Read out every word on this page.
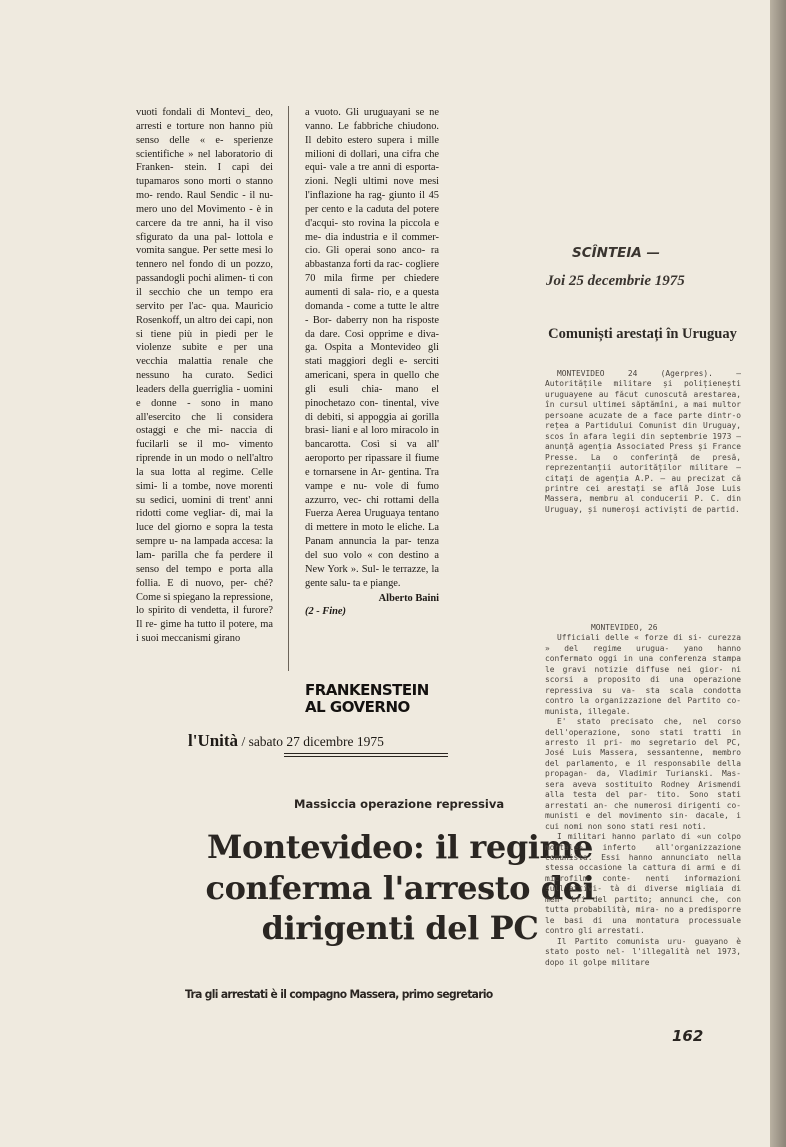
vuoti fondali di Montevi_ deo, arresti e torture non hanno più senso delle « e- sperienze scientifiche » nel laboratorio di Franken- stein. I capi dei tupamaros sono morti o stanno mo- rendo. Raul Sendic - il nu- mero uno del Movimento - è in carcere da tre anni, ha il viso sfigurato da una pal- lottola e vomita sangue. Per sette mesi lo tennero nel fondo di un pozzo, passandogli pochi alimen- ti con il secchio che un tempo era servito per l'ac- qua. Mauricio Rosenkoff, un altro dei capi, non si tiene più in piedi per le violenze subite e per una vecchia malattia renale che nessuno ha curato. Sedici leaders della guerriglia - uomini e donne - sono in mano all'esercito che li considera ostaggi e che mi- naccia di fucilarli se il mo- vimento riprende in un modo o nell'altro la sua lotta al regime. Celle simi- li a tombe, nove morenti su sedici, uomini di trent' anni ridotti come vegliar- di, mai la luce del giorno e sopra la testa sempre u- na lampada accesa: la lam- parilla che fa perdere il senso del tempo e porta alla follia. E di nuovo, per- ché? Come si spiegano la repressione, lo spirito di vendetta, il furore? Il re- gime ha tutto il potere, ma i suoi meccanismi girano

a vuoto. Gli uruguayani se ne vanno. Le fabbriche chiudono. Il debito estero supera i mille milioni di dollari, una cifra che equi- vale a tre anni di esporta- zioni. Negli ultimi nove mesi l'inflazione ha rag- giunto il 45 per cento e la caduta del potere d'acqui- sto rovina la piccola e me- dia industria e il commer- cio. Gli operai sono anco- ra abbastanza forti da rac- cogliere 70 mila firme per chiedere aumenti di sala- rio, e a questa domanda - come a tutte le altre - Bor- daberry non ha risposte da dare. Così opprime e diva- ga. Ospita a Montevideo gli stati maggiori degli e- serciti americani, spera in quello che gli esuli chia- mano el pinochetazo con- tinental, vive di debiti, si appoggia ai gorilla brasi- liani e al loro miracolo in bancarotta. Così si va all' aeroporto per ripassare il fiume e tornarsene in Ar- gentina. Tra vampe e nu- vole di fumo azzurro, vec- chi rottami della Fuerza Aerea Uruguaya tentano di mettere in moto le eliche. La Panam annuncia la par- tenza del suo volo « con destino a New York ». Sul- le terrazze, la gente salu- ta e piange.

Alberto Baini

(2 - Fine)

FRANKENSTEIN AL GOVERNO
l'Unità / sabato 27 dicembre 1975
Massiccia operazione repressiva
Montevideo: il regime conferma l'arresto dei dirigenti del PC
Tra gli arrestati è il compagno Massera, primo segretario
SCÎNTEIA —
Joi 25 decembrie 1975
Comuniști arestați în Uruguay

MONTEVIDEO 24 (Agerpres). — Autoritățile militare și polițienești uruguayene au făcut cunoscută arestarea, în cursul ultimei săptămîni, a mai multor persoane acuzate de a face parte dintr-o rețea a Partidului Comunist din Uruguay, scos în afara legii din septembrie 1973 — anunță agenția Associated Press și France Presse. La o conferință de presă, reprezentanții autorităților militare — citați de agenția A.P. — au precizat că printre cei arestați se află Jose Luis Massera, membru al conducerii P. C. din Uruguay, și numeroși activiști de partid.

MONTEVIDEO, 26

Ufficiali delle « forze di si- curezza » del regime urugua- yano hanno confermato oggi in una conferenza stampa le gravi notizie diffuse nei gior- ni scorsi a proposito di una operazione repressiva su va- sta scala condotta contro la organizzazione del Partito co- munista, illegale.

E' stato precisato che, nel corso dell'operazione, sono stati tratti in arresto il pri- mo segretario del PC, José Luis Massera, sessantenne, membro del parlamento, e il responsabile della propagan- da, Vladimir Turianski. Mas- sera aveva sostituito Rodney Arismendi alla testa del par- tito. Sono stati arrestati an- che numerosi dirigenti co- munisti e del movimento sin- dacale, i cui nomi non sono stati resi noti.

I militari hanno parlato di «un colpo mortale» inferto all'organizzazione comunista. Essi hanno annunciato nella stessa occasione la cattura di armi e di microfilm conte- nenti informazioni sull'attivi- tà di diverse migliaia di mem- bri del partito; annunci che, con tutta probabilità, mira- no a predisporre le basi di una montatura processuale contro gli arrestati.

Il Partito comunista uru- guayano è stato posto nel- l'illegalità nel 1973, dopo il golpe militare

162
